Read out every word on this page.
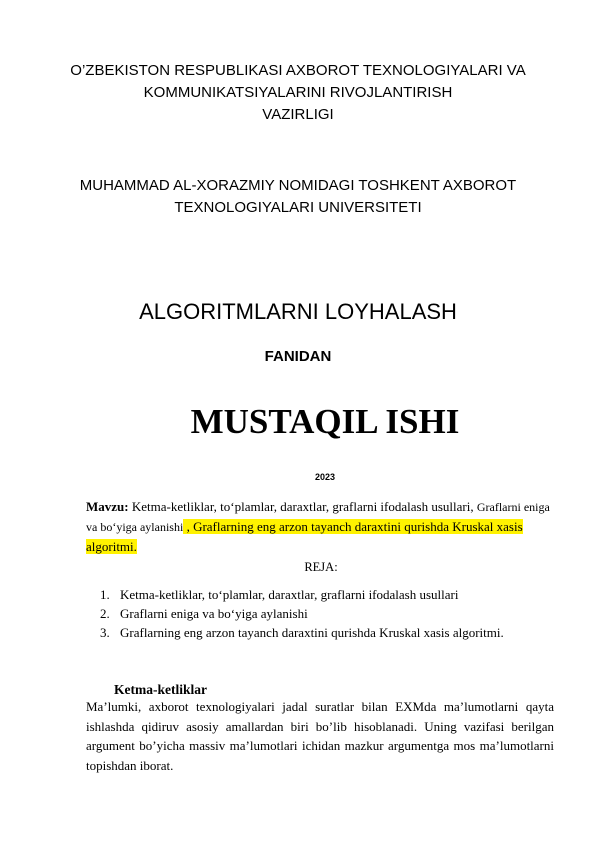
O’ZBEKISTON RESPUBLIKASI AXBOROT TEXNOLOGIYALARI VA
KOMMUNIKATSIYALARINI RIVOJLANTIRISH
VAZIRLIGI
MUHAMMAD AL-XORAZMIY NOMIDAGI TOSHKENT AXBOROT
TEXNOLOGIYALARI UNIVERSITETI
ALGORITMLARNI LOYHALASH
FANIDAN
MUSTAQIL ISHI
2023
Mavzu: Ketma-ketliklar, to‘plamlar, daraxtlar, graflarni ifodalash usullari, Graflarni eniga va bo‘yiga aylanishi , Graflarning eng arzon tayanch daraxtini qurishda Kruskal xasis algoritmi.
REJA:
1. Ketma-ketliklar, to‘plamlar, daraxtlar, graflarni ifodalash usullari
2. Graflarni eniga va bo‘yiga aylanishi
3. Graflarning eng arzon tayanch daraxtini qurishda Kruskal xasis algoritmi.
Ketma-ketliklar
Ma’lumki, axborot texnologiyalari jadal suratlar bilan EXMda ma’lumotlarni qayta ishlashda qidiruv asosiy amallardan biri bo’lib hisoblanadi. Uning vazifasi berilgan argument bo’yicha massiv ma’lumotlari ichidan mazkur argumentga mos ma’lumotlarni topishdan iborat.
